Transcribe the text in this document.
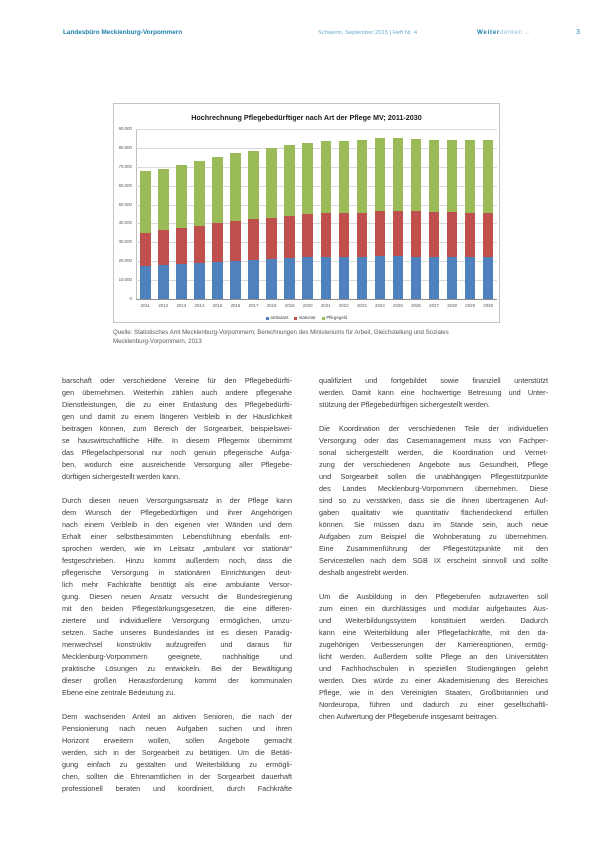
Landesbüro Mecklenburg-Vorpommern	Schwerin, September 2015 | Heft Nr. 4	Weiterdenken ...	3
Hochrechnung Pflegebedürftiger nach Art der Pflege MV; 2011-2030
0
10.000
20.000
30.000
40.000
50.000
60.000
70.000
80.000
90.000
2011	2012	2013	2014	2015	2016	2017	2018	2019	2020	2021	2022	2023	2024	2025	2026	2027	2028	2029	2030
ambulant stationär Pflegegeld
Quelle: Statistisches Amt Mecklenburg-Vorpommern; Berechnungen des Ministeriums für Arbeit, Gleichstellung und Soziales
Mecklenburg-Vorpommern, 2013
barschaft oder verschiedene Vereine für den Pflegebedürfti-
gen übernehmen. Weiterhin zählen auch andere pflegenahe
Dienstleistungen, die zu einer Entlastung des Pflegebedürfti-
gen und damit zu einem längeren Verbleib in der Häuslichkeit
beitragen können, zum Bereich der Sorgearbeit, beispielswei-
se hauswirtschaftliche Hilfe. In diesem Pflegemix übernimmt
das Pflegefachpersonal nur noch genuin pflegerische Aufga-
ben, wodurch eine ausreichende Versorgung aller Pflegebe-
dürftigen sichergestellt werden kann.
Durch diesen neuen Versorgungsansatz in der Pflege kann
dem Wunsch der Pflegebedürftigen und ihrer Angehörigen
nach einem Verbleib in den eigenen vier Wänden und dem
Erhalt einer selbstbestimmten Lebensführung ebenfalls ent-
sprochen werden, wie im Leitsatz „ambulant vor stationär“
festgeschrieben. Hinzu kommt außerdem noch, dass die
pflegerische Versorgung in stationären Einrichtungen deut-
lich mehr Fachkräfte benötigt als eine ambulante Versor-
gung. Diesen neuen Ansatz versucht die Bundesregierung
mit den beiden Pflegestärkungsgesetzen, die eine differen-
ziertere und individuellere Versorgung ermöglichen, umzu-
setzen. Sache unseres Bundeslandes ist es diesen Paradig-
menwechsel konstruktiv aufzugreifen und daraus für
Mecklenburg-Vorpommern geeignete, nachhaltige und
praktische Lösungen zu entwickeln. Bei der Bewältigung
dieser großen Herausforderung kommt der kommunalen
Ebene eine zentrale Bedeutung zu.
Dem wachsenden Anteil an aktiven Senioren, die nach der
Pensionierung nach neuen Aufgaben suchen und ihren
Horizont erweitern wollen, sollen Angebote gemacht
werden, sich in der Sorgearbeit zu betätigen. Um die Betäti-
gung einfach zu gestalten und Weiterbildung zu ermögli-
chen, sollten die Ehrenamtlichen in der Sorgearbeit dauerhaft
professionell beraten und koordiniert, durch Fachkräfte
qualifiziert und fortgebildet sowie finanziell unterstützt
werden. Damit kann eine hochwertige Betreuung und Unter-
stützung der Pflegebedürftigen sichergestellt werden.
Die Koordination der verschiedenen Teile der individuellen
Versorgung oder das Casemanagement muss von Fachper-
sonal sichergestellt werden, die Koordination und Vernet-
zung der verschiedenen Angebote aus Gesundheit, Pflege
und Sorgearbeit sollen die unabhängigen Pflegestützpunkte
des Landes Mecklenburg-Vorpommern übernehmen. Diese
sind so zu verstärken, dass sie die ihnen übertragenen Auf-
gaben qualitativ wie quantitativ flächendeckend erfüllen
können. Sie müssen dazu im Stande sein, auch neue
Aufgaben zum Beispiel die Wohnberatung zu übernehmen.
Eine Zusammenführung der Pflegestützpunkte mit den
Servicestellen nach dem SGB IX erscheint sinnvoll und sollte
deshalb angestrebt werden.
Um die Ausbildung in den Pflegeberufen aufzuwerten soll
zum einen ein durchlässiges und modular aufgebautes Aus-
und Weiterbildungssystem konstituiert werden. Dadurch
kann eine Weiterbildung aller Pflegefachkräfte, mit den da-
zugehörigen Verbesserungen der Karriereoptionen, ermög-
licht werden. Außerdem sollte Pflege an den Universitäten
und Fachhochschulen in speziellen Studiengängen gelehrt
werden. Dies würde zu einer Akademisierung des Bereiches
Pflege, wie in den Vereinigten Staaten, Großbritannien und
Nordeuropa, führen und dadurch zu einer gesellschaftli-
chen Aufwertung der Pflegeberufe insgesamt beitragen.
